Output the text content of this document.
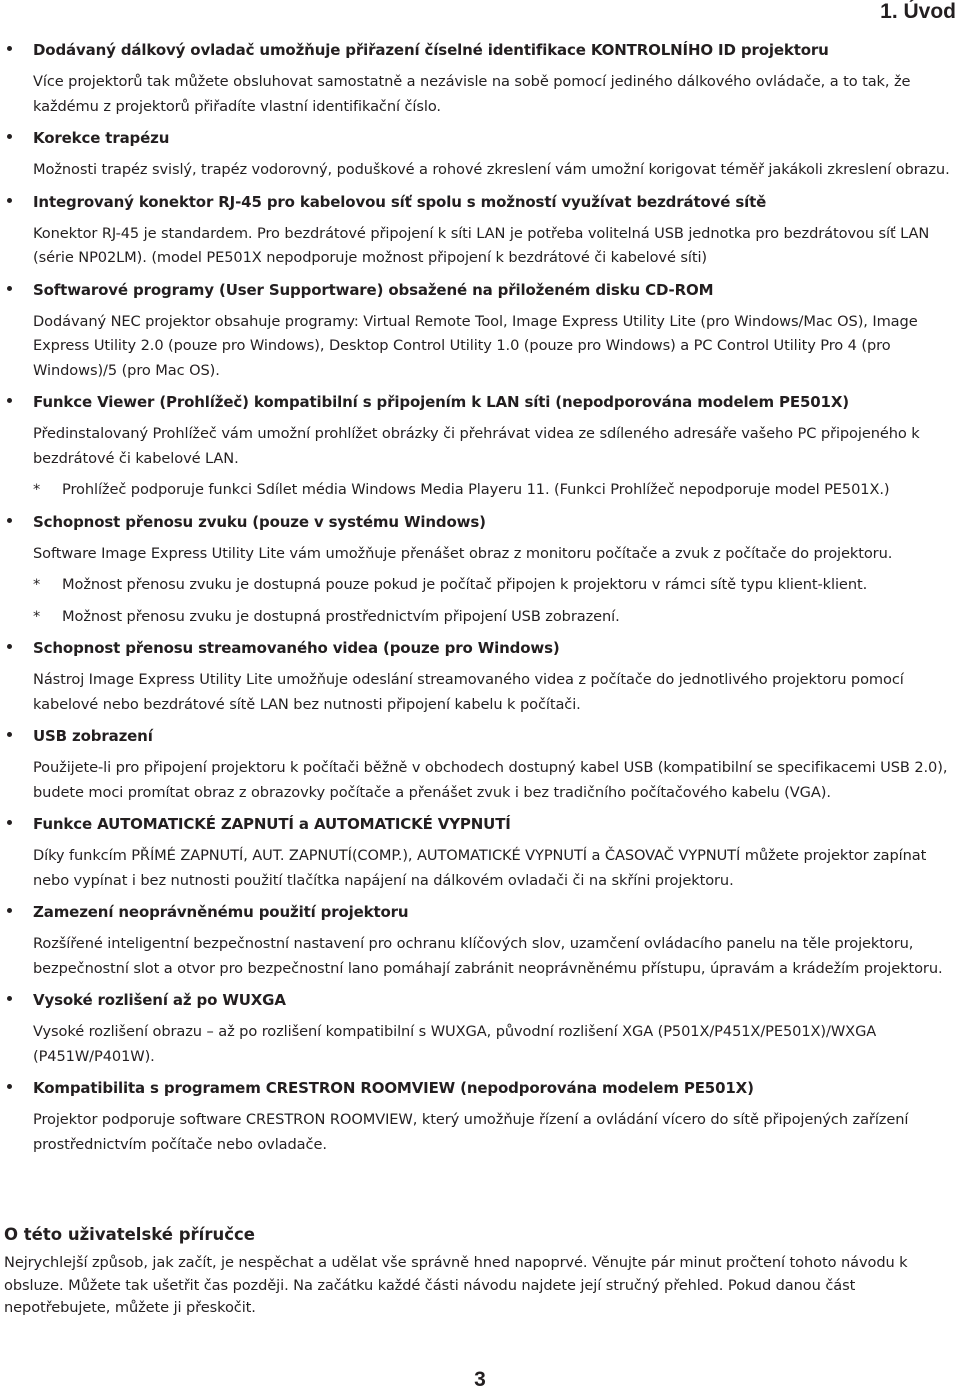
1. Úvod
Dodávaný dálkový ovladač umožňuje přiřazení číselné identifikace KONTROLNÍHO ID projektoru

Více projektorů tak můžete obsluhovat samostatně a nezávisle na sobě pomocí jediného dálkového ovládače, a to tak, že každému z projektorů přiřadíte vlastní identifikační číslo.

Korekce trapézu

Možnosti trapéz svislý, trapéz vodorovný, poduškové a rohové zkreslení vám umožní korigovat téměř jakákoli zkreslení obrazu.

Integrovaný konektor RJ-45 pro kabelovou síť spolu s možností využívat bezdrátové sítě

Konektor RJ-45 je standardem. Pro bezdrátové připojení k síti LAN je potřeba volitelná USB jednotka pro bezdrátovou síť LAN (série NP02LM). (model PE501X nepodporuje možnost připojení k bezdrátové či kabelové síti)

Softwarové programy (User Supportware) obsažené na přiloženém disku CD-ROM

Dodávaný NEC projektor obsahuje programy: Virtual Remote Tool, Image Express Utility Lite (pro Windows/Mac OS), Image Express Utility 2.0 (pouze pro Windows), Desktop Control Utility 1.0 (pouze pro Windows) a PC Control Utility Pro 4 (pro Windows)/5 (pro Mac OS).

Funkce Viewer (Prohlížeč) kompatibilní s připojením k LAN síti (nepodporována modelem PE501X)

Předinstalovaný Prohlížeč vám umožní prohlížet obrázky či přehrávat videa ze sdíleného adresáře vašeho PC připojeného k bezdrátové či kabelové LAN.

* Prohlížeč podporuje funkci Sdílet média Windows Media Playeru 11. (Funkci Prohlížeč nepodporuje model PE501X.)

Schopnost přenosu zvuku (pouze v systému Windows)

Software Image Express Utility Lite vám umožňuje přenášet obraz z monitoru počítače a zvuk z počítače do projektoru.

* Možnost přenosu zvuku je dostupná pouze pokud je počítač připojen k projektoru v rámci sítě typu klient-klient.

* Možnost přenosu zvuku je dostupná prostřednictvím připojení USB zobrazení.

Schopnost přenosu streamovaného videa (pouze pro Windows)

Nástroj Image Express Utility Lite umožňuje odeslání streamovaného videa z počítače do jednotlivého projektoru pomocí kabelové nebo bezdrátové sítě LAN bez nutnosti připojení kabelu k počítači.

USB zobrazení

Použijete-li pro připojení projektoru k počítači běžně v obchodech dostupný kabel USB (kompatibilní se specifikacemi USB 2.0), budete moci promítat obraz z obrazovky počítače a přenášet zvuk i bez tradičního počítačového kabelu (VGA).

Funkce AUTOMATICKÉ ZAPNUTÍ a AUTOMATICKÉ VYPNUTÍ

Díky funkcím PŘÍMÉ ZAPNUTÍ, AUT. ZAPNUTÍ(COMP.), AUTOMATICKÉ VYPNUTÍ a ČASOVAČ VYPNUTÍ můžete projektor zapínat nebo vypínat i bez nutnosti použití tlačítka napájení na dálkovém ovladači či na skříni projektoru.

Zamezení neoprávněnému použití projektoru

Rozšířené inteligentní bezpečnostní nastavení pro ochranu klíčových slov, uzamčení ovládacího panelu na těle projektoru, bezpečnostní slot a otvor pro bezpečnostní lano pomáhají zabránit neoprávněnému přístupu, úpravám a krádežím projektoru.

Vysoké rozlišení až po WUXGA

Vysoké rozlišení obrazu – až po rozlišení kompatibilní s WUXGA, původní rozlišení XGA (P501X/P451X/PE501X)/WXGA (P451W/P401W).

Kompatibilita s programem CRESTRON ROOMVIEW (nepodporována modelem PE501X)

Projektor podporuje software CRESTRON ROOMVIEW, který umožňuje řízení a ovládání vícero do sítě připojených zařízení prostřednictvím počítače nebo ovladače.

O této uživatelské příručce

Nejrychlejší způsob, jak začít, je nespěchat a udělat vše správně hned napoprvé. Věnujte pár minut pročtení tohoto návodu k obsluze. Můžete tak ušetřit čas později. Na začátku každé části návodu najdete její stručný přehled. Pokud danou část nepotřebujete, můžete ji přeskočit.

3
